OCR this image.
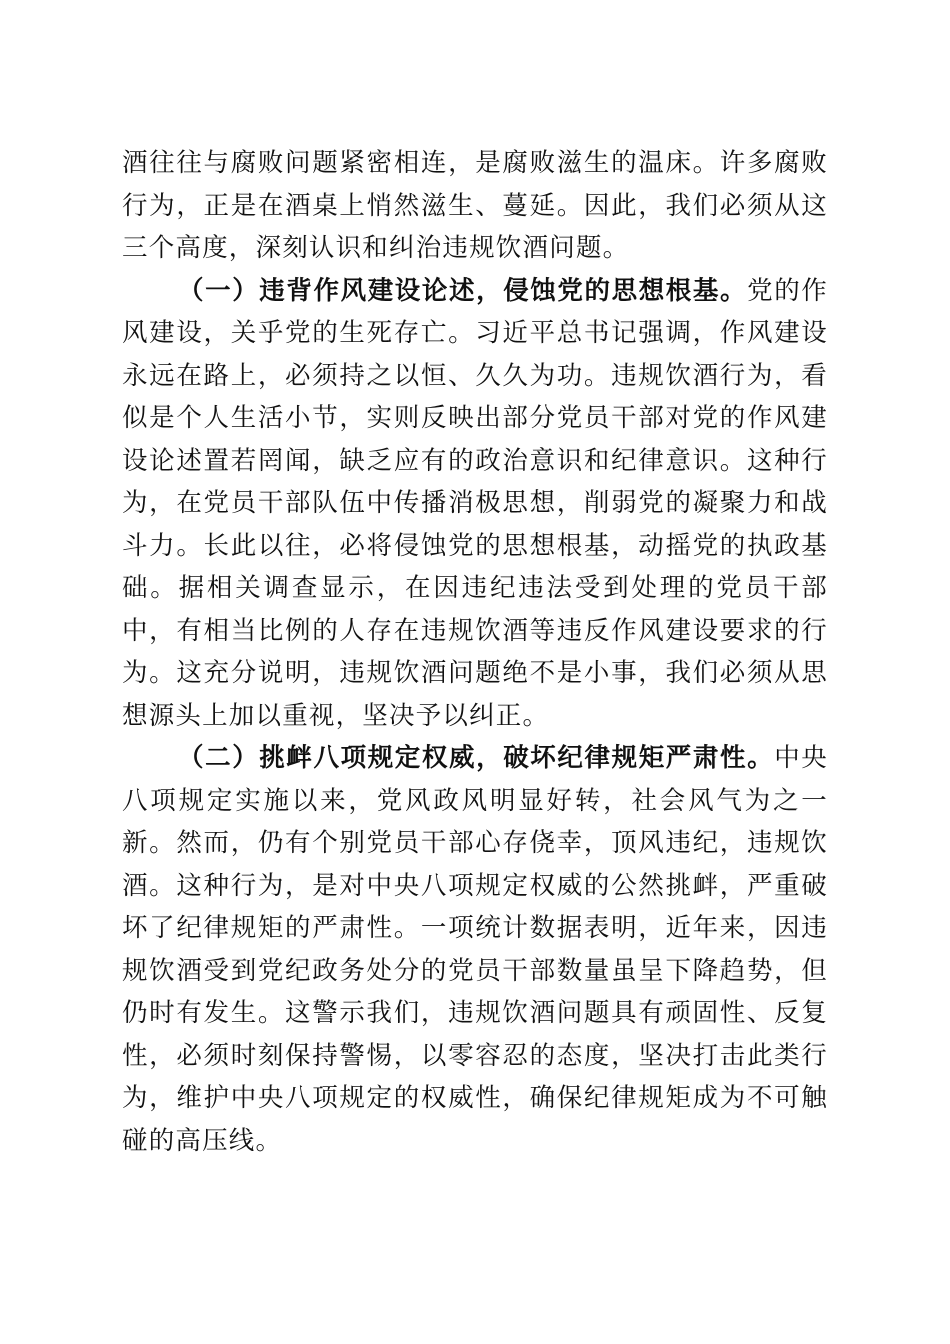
酒往往与腐败问题紧密相连，是腐败滋生的温床。许多腐败行为，正是在酒桌上悄然滋生、蔓延。因此，我们必须从这三个高度，深刻认识和纠治违规饮酒问题。

（一）违背作风建设论述，侵蚀党的思想根基。党的作风建设，关乎党的生死存亡。习近平总书记强调，作风建设永远在路上，必须持之以恒、久久为功。违规饮酒行为，看似是个人生活小节，实则反映出部分党员干部对党的作风建设论述置若罔闻，缺乏应有的政治意识和纪律意识。这种行为，在党员干部队伍中传播消极思想，削弱党的凝聚力和战斗力。长此以往，必将侵蚀党的思想根基，动摇党的执政基础。据相关调查显示，在因违纪违法受到处理的党员干部中，有相当比例的人存在违规饮酒等违反作风建设要求的行为。这充分说明，违规饮酒问题绝不是小事，我们必须从思想源头上加以重视，坚决予以纠正。

（二）挑衅八项规定权威，破坏纪律规矩严肃性。中央八项规定实施以来，党风政风明显好转，社会风气为之一新。然而，仍有个别党员干部心存侥幸，顶风违纪，违规饮酒。这种行为，是对中央八项规定权威的公然挑衅，严重破坏了纪律规矩的严肃性。一项统计数据表明，近年来，因违规饮酒受到党纪政务处分的党员干部数量虽呈下降趋势，但仍时有发生。这警示我们，违规饮酒问题具有顽固性、反复性，必须时刻保持警惕，以零容忍的态度，坚决打击此类行为，维护中央八项规定的权威性，确保纪律规矩成为不可触碰的高压线。
